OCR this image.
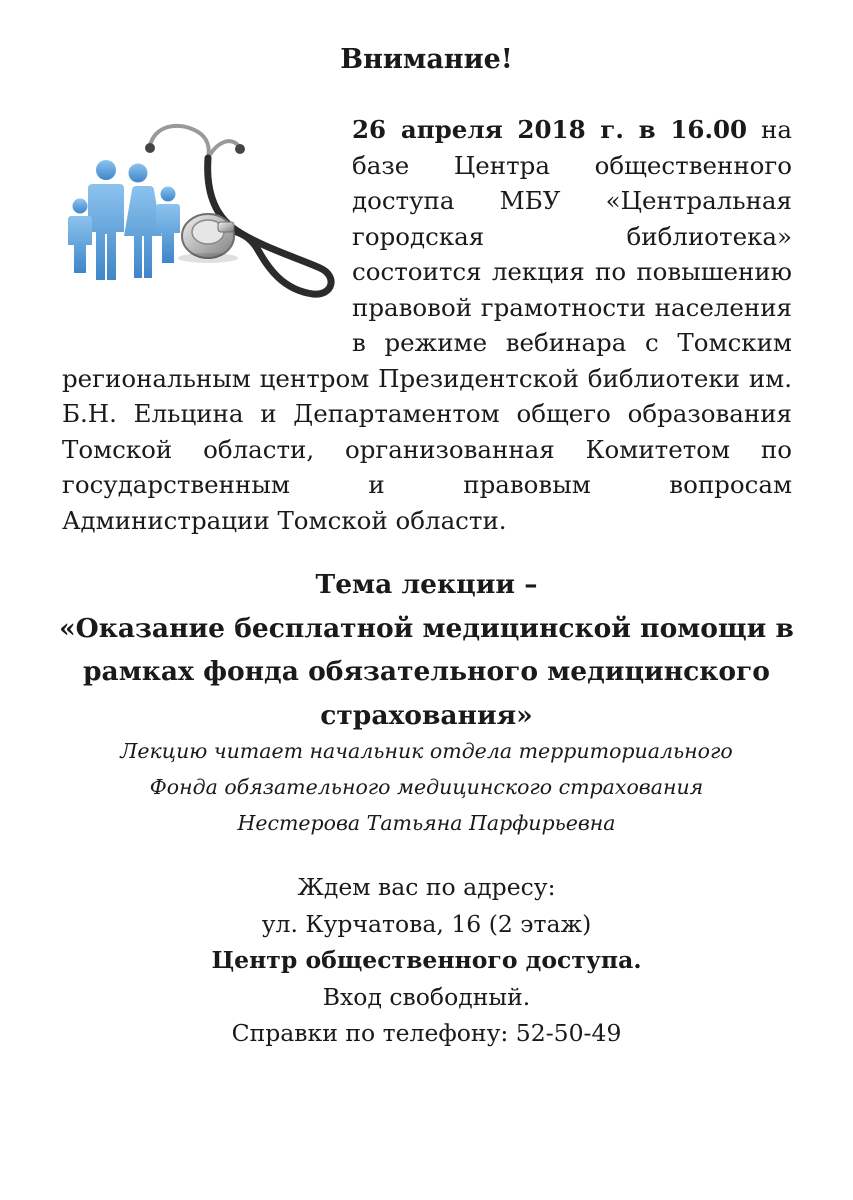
Внимание!

26 апреля 2018 г. в 16.00 на базе Центра общественного доступа МБУ «Центральная городская библиотека» состоится лекция по повышению правовой грамотности населения в режиме вебинара с Томским региональным центром Президентской библиотеки им. Б.Н. Ельцина и Департаментом общего образования Томской области, организованная Комитетом по государственным и правовым вопросам Администрации Томской области.

Тема лекции –
«Оказание бесплатной медицинской помощи в
рамках фонда обязательного медицинского
страхования»
Лекцию читает начальник отдела территориального
Фонда обязательного медицинского страхования
Нестерова Татьяна Парфирьевна
Ждем вас по адресу:
ул. Курчатова, 16 (2 этаж)
Центр общественного доступа.
Вход свободный.
Справки по телефону: 52-50-49
